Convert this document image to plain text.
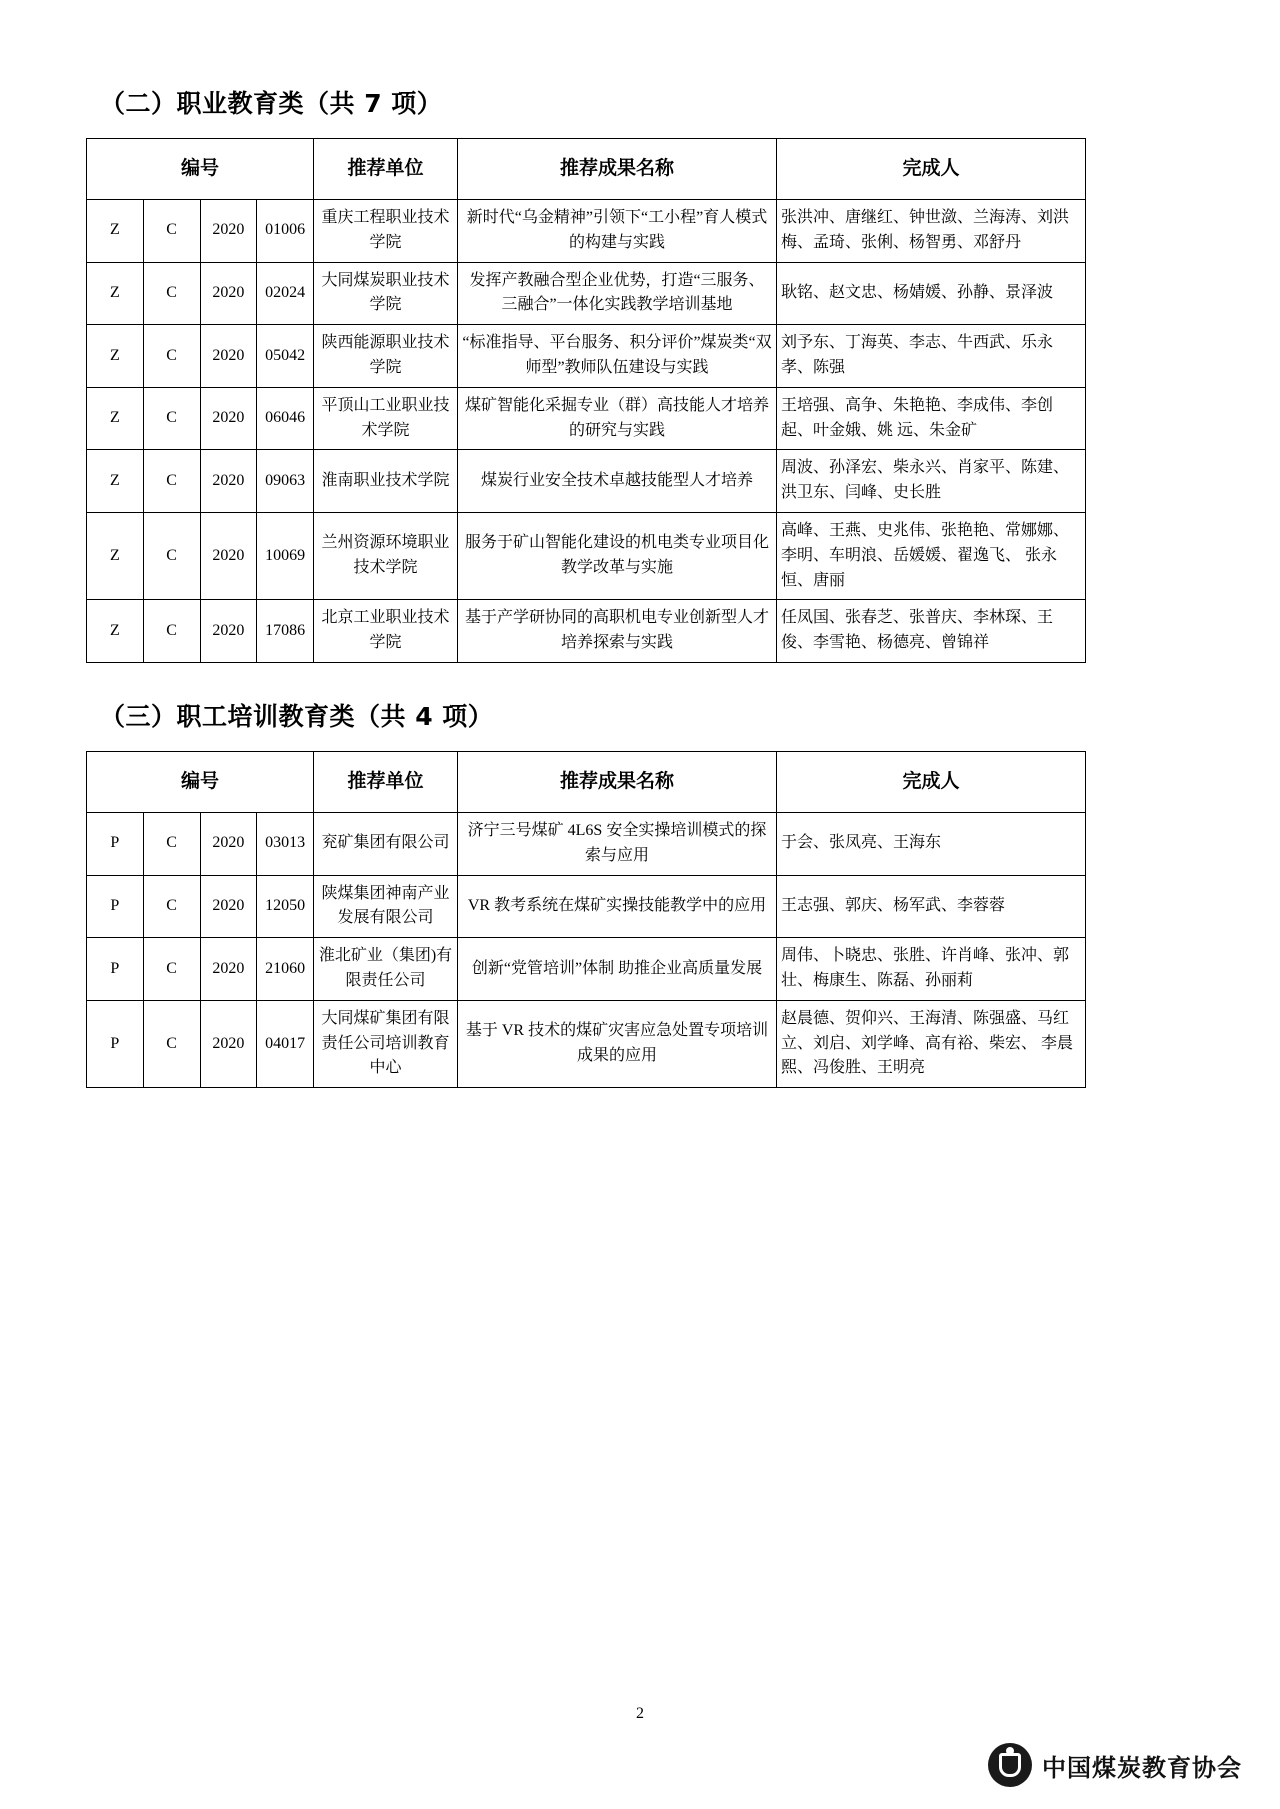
（二）职业教育类（共 7 项）
编号				推荐单位	推荐成果名称	完成人
Z	C	2020	01006	重庆工程职业技术学院	新时代“乌金精神”引领下“工小程”育人模式的构建与实践	张洪冲、唐继红、钟世潋、兰海涛、刘洪梅、孟琦、张俐、杨智勇、邓舒丹
Z	C	2020	02024	大同煤炭职业技术学院	发挥产教融合型企业优势，打造“三服务、三融合”一体化实践教学培训基地	耿铭、赵文忠、杨婧媛、孙静、景泽波
Z	C	2020	05042	陕西能源职业技术学院	“标准指导、平台服务、积分评价”煤炭类“双师型”教师队伍建设与实践	刘予东、丁海英、李志、牛西武、乐永孝、陈强
Z	C	2020	06046	平顶山工业职业技术学院	煤矿智能化采掘专业（群）高技能人才培养的研究与实践	王培强、高争、朱艳艳、李成伟、李创起、叶金娥、姚 远、朱金矿
Z	C	2020	09063	淮南职业技术学院	煤炭行业安全技术卓越技能型人才培养	周波、孙泽宏、柴永兴、肖家平、陈建、洪卫东、闫峰、史长胜
Z	C	2020	10069	兰州资源环境职业技术学院	服务于矿山智能化建设的机电类专业项目化教学改革与实施	高峰、王燕、史兆伟、张艳艳、常娜娜、李明、车明浪、岳媛媛、翟逸飞、 张永恒、唐丽
Z	C	2020	17086	北京工业职业技术学院	基于产学研协同的高职机电专业创新型人才培养探索与实践	任凤国、张春芝、张普庆、李林琛、王俊、李雪艳、杨德亮、曾锦祥
（三）职工培训教育类（共 4 项）
编号				推荐单位	推荐成果名称	完成人
P	C	2020	03013	兖矿集团有限公司	济宁三号煤矿 4L6S 安全实操培训模式的探索与应用	于会、张凤亮、王海东
P	C	2020	12050	陕煤集团神南产业发展有限公司	VR 教考系统在煤矿实操技能教学中的应用	王志强、郭庆、杨军武、李蓉蓉
P	C	2020	21060	淮北矿业（集团)有限责任公司	创新“党管培训”体制 助推企业高质量发展	周伟、卜晓忠、张胜、许肖峰、张冲、郭壮、梅康生、陈磊、孙丽莉
P	C	2020	04017	大同煤矿集团有限责任公司培训教育中心	基于 VR 技术的煤矿灾害应急处置专项培训成果的应用	赵晨德、贺仰兴、王海清、陈强盛、马红立、刘启、刘学峰、高有裕、柴宏、 李晨熙、冯俊胜、王明亮
2
中国煤炭教育协会
